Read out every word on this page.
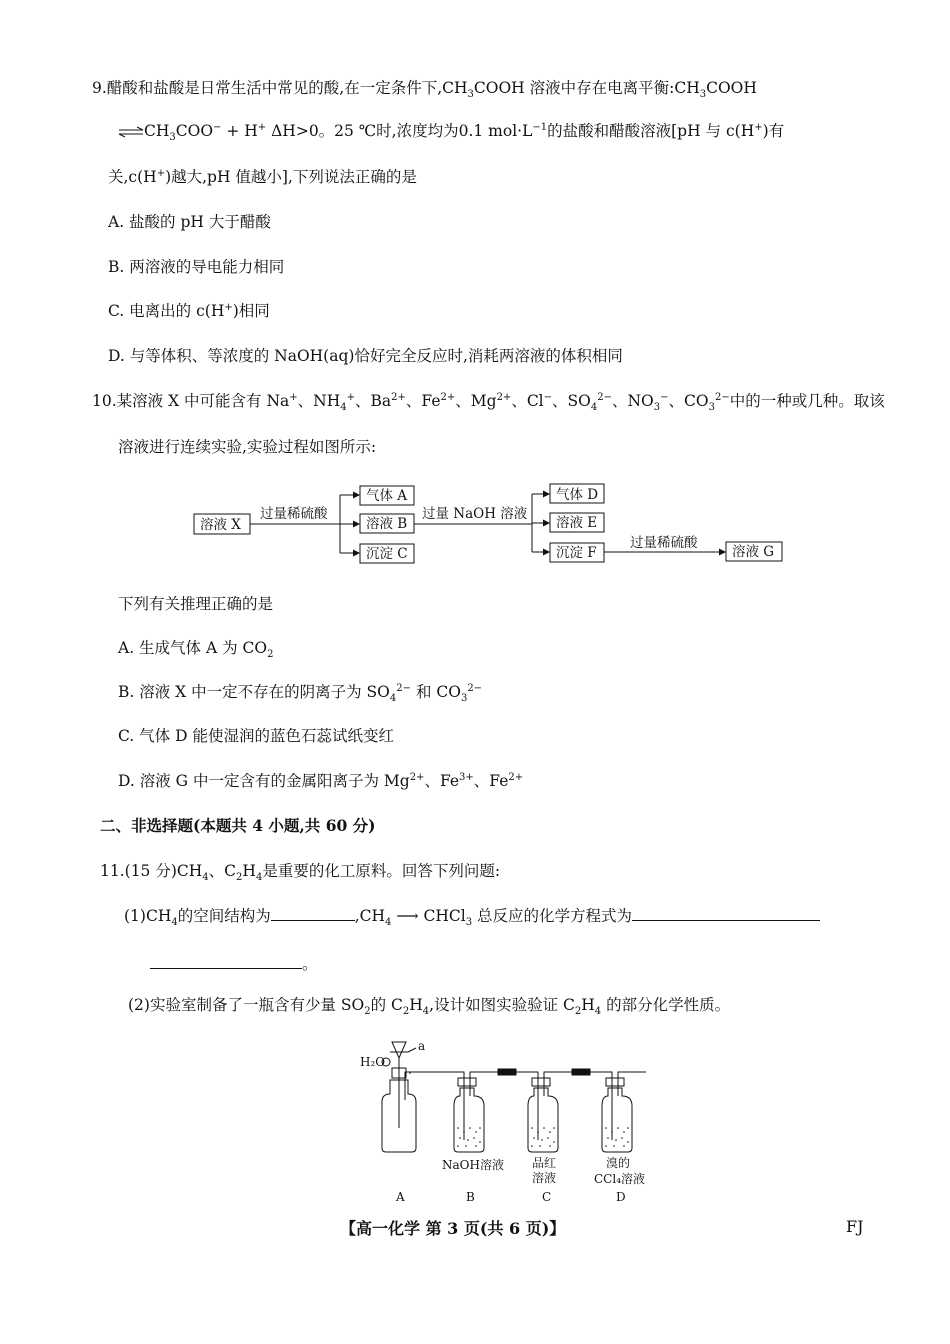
9.醋酸和盐酸是日常生活中常见的酸,在一定条件下$,CH_3COOH$ 溶液中存在电离平衡$:CH_3COOH$
$\rightleftharpoons CH_3COO^- + H^+$ ΔH>0。25 ℃时,浓度均为0.1 $mol\cdot L^{-1}$的盐酸和醋酸溶液[pH 与 c(H+)有
关,c(H+)越大,pH 值越小],下列说法正确的是
A. 盐酸的 pH 大于醋酸
B. 两溶液的导电能力相同
C. 电离出的 c(H+)相同
D. 与等体积、等浓度的 NaOH(aq)恰好完全反应时,消耗两溶液的体积相同
10.某溶液 X 中可能含有 Na+、$NH_4^+$、$Ba^{2+}$、$Fe^{2+}$、$Mg^{2+}$、Cl−、$SO_4^{2-}$、$NO_3^-$、$CO_3^{2-}$中的一种或几种。取该
溶液进行连续实验,实验过程如图所示:
溶液 X
过量稀硫酸
气体 A
溶液 B
沉淀 C
过量 NaOH 溶液
气体 D
溶液 E
沉淀 F
过量稀硫酸
溶液 G
下列有关推理正确的是
A. 生成气体 A 为 $CO_2$
B. 溶液 X 中一定不存在的阴离子为 $SO_4^{2-}$ 和 $CO_3^{2-}$
C. 气体 D 能使湿润的蓝色石蕊试纸变红
D. 溶液 G 中一定含有的金属阳离子为 $Mg^{2+}$、$Fe^{3+}$、$Fe^{2+}$
二、非选择题(本题共 4 小题,共 60 分)
11.(15 分)$CH_4$、$C_2H_4$是重要的化工原料。回答下列问题:
$(1)CH_4$的空间结构为	$,CH_4$ ⟶ CHCl$_3$ 总反应的化学方程式为
。
(2)实验室制备了一瓶含有少量 $SO_2$的 $C_2H_4$,设计如图实验验证 $C_2H_4$ 的部分化学性质。
H₂O
a
NaOH溶液 品红
溶液
溴的
CCl₄溶液
A	B	C	D
【高一化学 第 3 页(共 6 页)】	FJ
